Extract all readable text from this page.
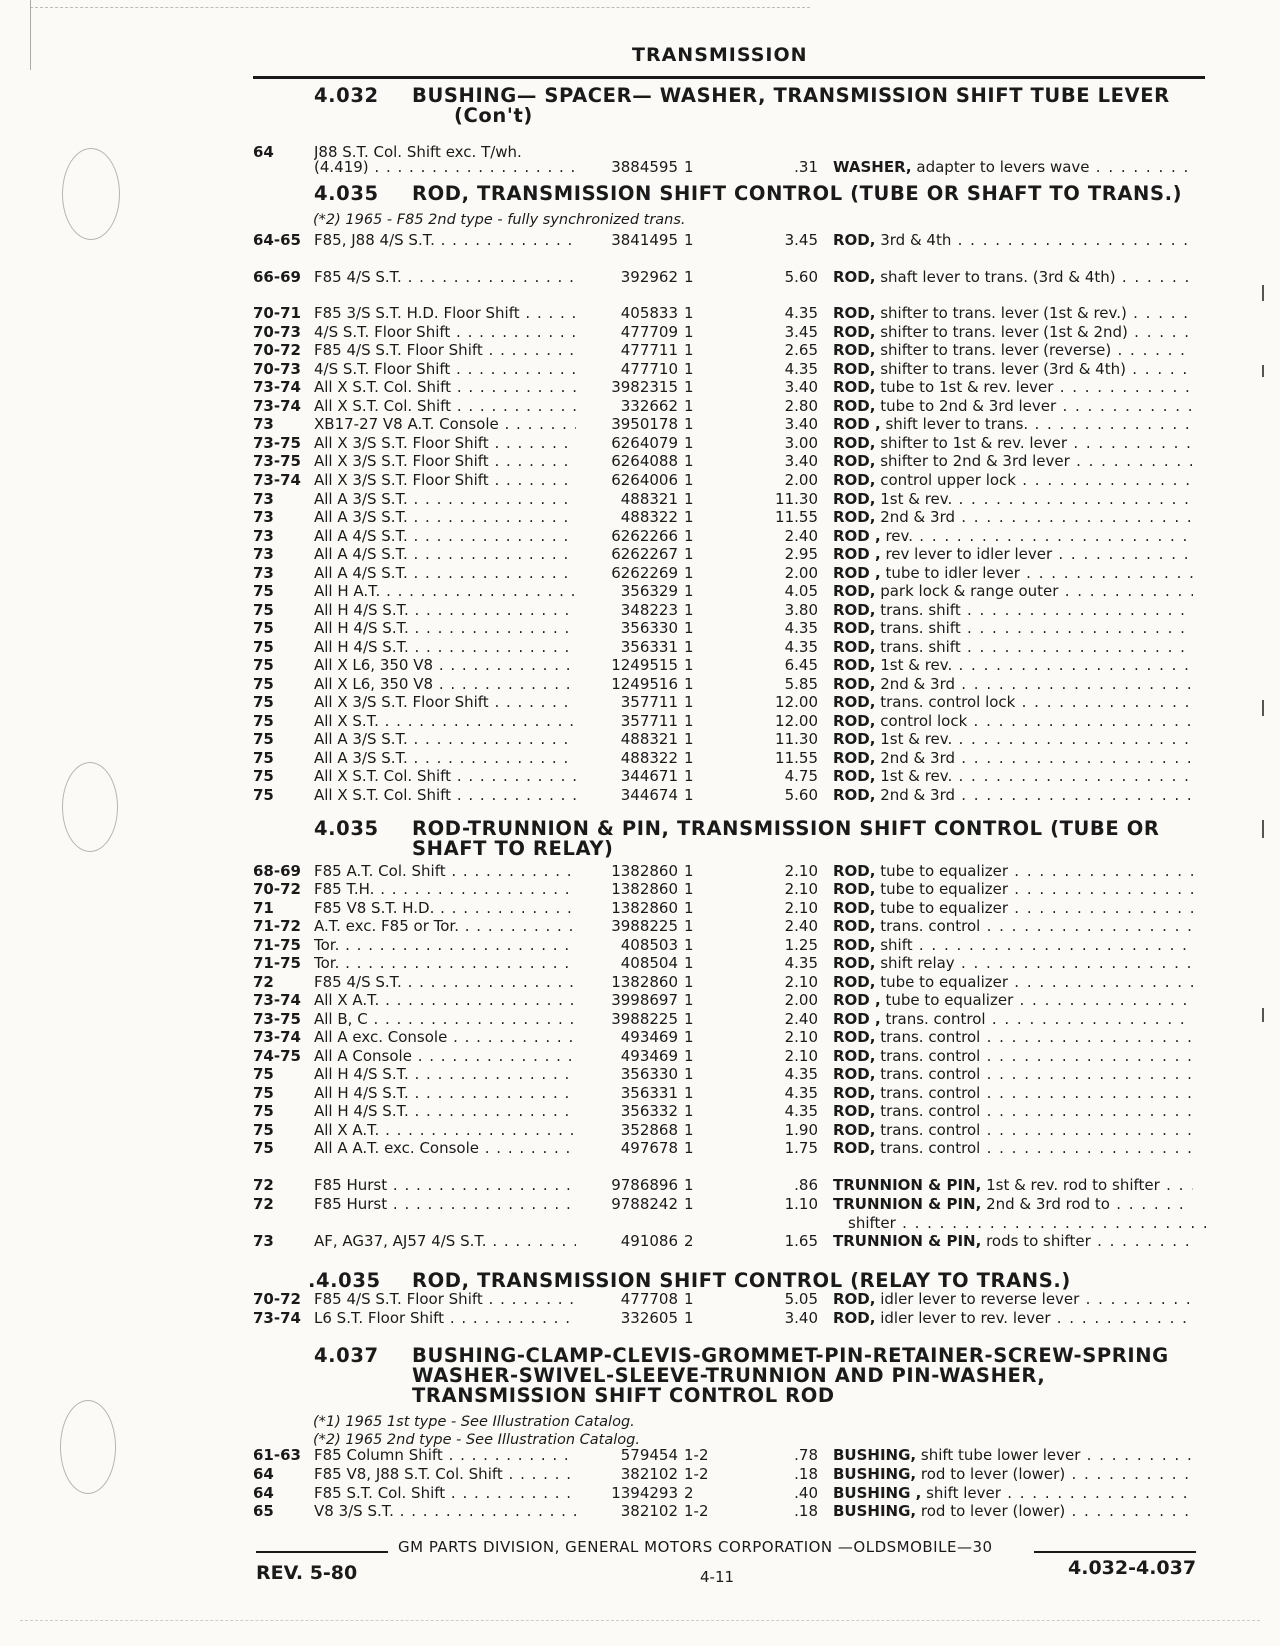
TRANSMISSION
4.032 BUSHING— SPACER— WASHER, TRANSMISSION SHIFT TUBE LEVER
(Con't)
64	J88 S.T. Col. Shift exc. T/wh.
(4.419) . . .	3884595 1	.31 WASHER, adapter to levers wave . . .
64-65 F85, J88 4/S S.T. . . .	3841495 1	3.45 ROD, 3rd & 4th . . .
66-69 F85 4/S S.T. . . .	392962 1	5.60 ROD, shaft lever to trans. (3rd & 4th) . . .
70-71 F85 3/S S.T. H.D. Floor Shift . . .	405833 1	4.35 ROD, shifter to trans. lever (1st & rev.) . . .
70-73 4/S S.T. Floor Shift . . .	477709 1	3.45 ROD, shifter to trans. lever (1st & 2nd) . . .
70-72 F85 4/S S.T. Floor Shift . . .	477711 1	2.65 ROD, shifter to trans. lever (reverse) . . .
70-73 4/S S.T. Floor Shift . . .	477710 1	4.35 ROD, shifter to trans. lever (3rd & 4th) . . .
73-74 All X S.T. Col. Shift . . .	3982315 1	3.40 ROD, tube to 1st & rev. lever . . .
73-74 All X S.T. Col. Shift . . .	332662 1	2.80 ROD, tube to 2nd & 3rd lever . . .
73	XB17-27 V8 A.T. Console . . .	3950178 1	3.40 ROD , shift lever to trans. . . .
73-75 All X 3/S S.T. Floor Shift . . .	6264079 1	3.00 ROD, shifter to 1st & rev. lever . . .
73-75 All X 3/S S.T. Floor Shift . . .	6264088 1	3.40 ROD, shifter to 2nd & 3rd lever . . .
73-74 All X 3/S S.T. Floor Shift . . .	6264006 1	2.00 ROD, control upper lock . . .
73	All A 3/S S.T. . . .	488321 1	11.30 ROD, 1st & rev. . . .
73	All A 3/S S.T. . . .	488322 1	11.55 ROD, 2nd & 3rd . . .
73	All A 4/S S.T. . . .	6262266 1	2.40 ROD , rev. . . .
73	All A 4/S S.T. . . .	6262267 1	2.95 ROD , rev lever to idler lever . . .
73	All A 4/S S.T. . . .	6262269 1	2.00 ROD , tube to idler lever . . .
75	All H A.T. . . .	356329 1	4.05 ROD, park lock & range outer . . .
75	All H 4/S S.T. . . .	348223 1	3.80 ROD, trans. shift . . .
75	All H 4/S S.T. . . .	356330 1	4.35 ROD, trans. shift . . .
75	All H 4/S S.T. . . .	356331 1	4.35 ROD, trans. shift . . .
75	All X L6, 350 V8 . . .	1249515 1	6.45 ROD, 1st & rev. . . .
75	All X L6, 350 V8 . . .	1249516 1	5.85 ROD, 2nd & 3rd . . .
75	All X 3/S S.T. Floor Shift . . .	357711 1	12.00 ROD, trans. control lock . . .
75	All X S.T. . . .	357711 1	12.00 ROD, control lock . . .
75	All A 3/S S.T. . . .	488321 1	11.30 ROD, 1st & rev. . . .
75	All A 3/S S.T. . . .	488322 1	11.55 ROD, 2nd & 3rd . . .
75	All X S.T. Col. Shift . . .	344671 1	4.75 ROD, 1st & rev. . . .
75	All X S.T. Col. Shift . . .	344674 1	5.60 ROD, 2nd & 3rd . . .
68-69 F85 A.T. Col. Shift . . .	1382860 1	2.10 ROD, tube to equalizer . . .
70-72 F85 T.H. . . .	1382860 1	2.10 ROD, tube to equalizer . . .
71	F85 V8 S.T. H.D. . . .	1382860 1	2.10 ROD, tube to equalizer . . .
71-72 A.T. exc. F85 or Tor. . . .	3988225 1	2.40 ROD, trans. control . . .
71-75 Tor. . . .	408503 1	1.25 ROD, shift . . .
71-75 Tor. . . .	408504 1	4.35 ROD, shift relay . . .
72	F85 4/S S.T. . . .	1382860 1	2.10 ROD, tube to equalizer . . .
73-74 All X A.T. . . .	3998697 1	2.00 ROD , tube to equalizer . . .
73-75 All B, C . . .	3988225 1	2.40 ROD , trans. control . . .
73-74 All A exc. Console . . .	493469 1	2.10 ROD, trans. control . . .
74-75 All A Console . . .	493469 1	2.10 ROD, trans. control . . .
75	All H 4/S S.T. . . .	356330 1	4.35 ROD, trans. control . . .
75	All H 4/S S.T. . . .	356331 1	4.35 ROD, trans. control . . .
75	All H 4/S S.T. . . .	356332 1	4.35 ROD, trans. control . . .
75	All X A.T. . . .	352868 1	1.90 ROD, trans. control . . .
75	All A A.T. exc. Console . . .	497678 1	1.75 ROD, trans. control . . .
72	F85 Hurst . . .	9786896 1	.86 TRUNNION & PIN, 1st & rev. rod to shifter . . .
72	F85 Hurst . . .	9788242 1	1.10 TRUNNION & PIN, 2nd & 3rd rod to . . .
shifter . . .
73	AF, AG37, AJ57 4/S S.T. . . .	491086 2	1.65 TRUNNION & PIN, rods to shifter . . .
70-72 F85 4/S S.T. Floor Shift . . .	477708 1	5.05 ROD, idler lever to reverse lever . . .
73-74 L6 S.T. Floor Shift . . .	332605 1	3.40 ROD, idler lever to rev. lever . . .
61-63 F85 Column Shift . . .	579454 1-2	.78 BUSHING, shift tube lower lever . . .
64	F85 V8, J88 S.T. Col. Shift . . .	382102 1-2	.18 BUSHING, rod to lever (lower) . . .
64	F85 S.T. Col. Shift . . .	1394293 2	.40 BUSHING , shift lever . . .
65	V8 3/S S.T. . . .	382102 1-2	.18 BUSHING, rod to lever (lower) . . .
4.035 ROD, TRANSMISSION SHIFT CONTROL (TUBE OR SHAFT TO TRANS.)
(*2) 1965 - F85 2nd type - fully synchronized trans.
4.035 ROD-TRUNNION & PIN, TRANSMISSION SHIFT CONTROL (TUBE OR
SHAFT TO RELAY)
.4.035 ROD, TRANSMISSION SHIFT CONTROL (RELAY TO TRANS.)
4.037 BUSHING-CLAMP-CLEVIS-GROMMET-PIN-RETAINER-SCREW-SPRING
WASHER-SWIVEL-SLEEVE-TRUNNION AND PIN-WASHER,
TRANSMISSION SHIFT CONTROL ROD
(*1) 1965 1st type - See Illustration Catalog.
(*2) 1965 2nd type - See Illustration Catalog.
GM PARTS DIVISION, GENERAL MOTORS CORPORATION —OLDSMOBILE—30
REV. 5-80	4-11	4.032-4.037
